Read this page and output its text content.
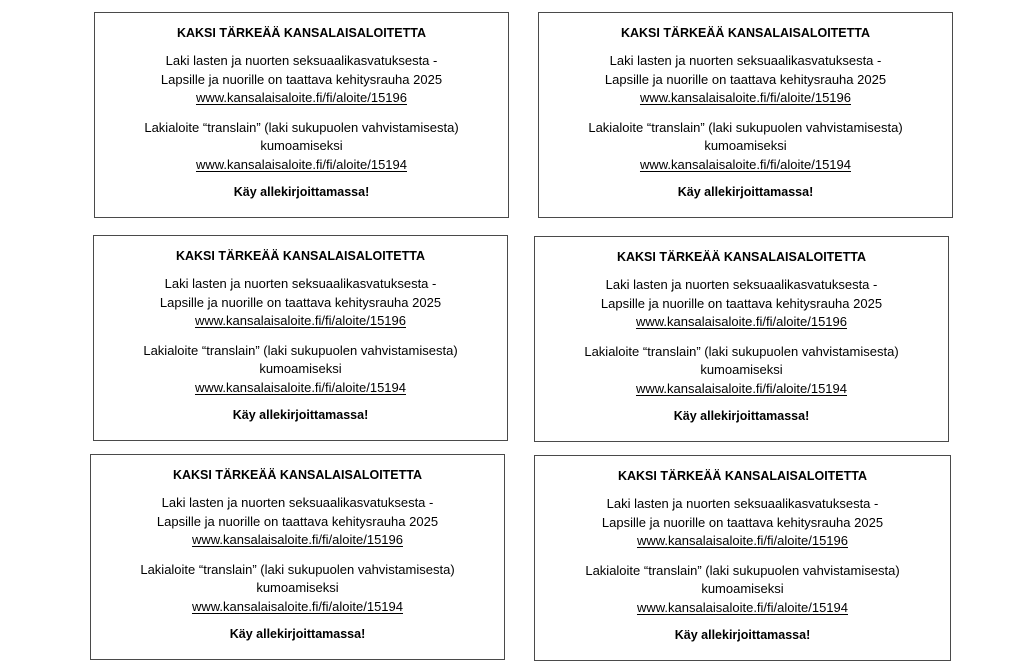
KAKSI TÄRKEÄÄ KANSALAISALOITETTA
Laki lasten ja nuorten seksuaalikasvatuksesta -
Lapsille ja nuorille on taattava kehitysrauha 2025
www.kansalaisaloite.fi/fi/aloite/15196
Lakialoite “translain” (laki sukupuolen vahvistamisesta)
kumoamiseksi
www.kansalaisaloite.fi/fi/aloite/15194
Käy allekirjoittamassa!
KAKSI TÄRKEÄÄ KANSALAISALOITETTA
Laki lasten ja nuorten seksuaalikasvatuksesta -
Lapsille ja nuorille on taattava kehitysrauha 2025
www.kansalaisaloite.fi/fi/aloite/15196
Lakialoite “translain” (laki sukupuolen vahvistamisesta)
kumoamiseksi
www.kansalaisaloite.fi/fi/aloite/15194
Käy allekirjoittamassa!
KAKSI TÄRKEÄÄ KANSALAISALOITETTA
Laki lasten ja nuorten seksuaalikasvatuksesta -
Lapsille ja nuorille on taattava kehitysrauha 2025
www.kansalaisaloite.fi/fi/aloite/15196
Lakialoite “translain” (laki sukupuolen vahvistamisesta)
kumoamiseksi
www.kansalaisaloite.fi/fi/aloite/15194
Käy allekirjoittamassa!
KAKSI TÄRKEÄÄ KANSALAISALOITETTA
Laki lasten ja nuorten seksuaalikasvatuksesta -
Lapsille ja nuorille on taattava kehitysrauha 2025
www.kansalaisaloite.fi/fi/aloite/15196
Lakialoite “translain” (laki sukupuolen vahvistamisesta)
kumoamiseksi
www.kansalaisaloite.fi/fi/aloite/15194
Käy allekirjoittamassa!
KAKSI TÄRKEÄÄ KANSALAISALOITETTA
Laki lasten ja nuorten seksuaalikasvatuksesta -
Lapsille ja nuorille on taattava kehitysrauha 2025
www.kansalaisaloite.fi/fi/aloite/15196
Lakialoite “translain” (laki sukupuolen vahvistamisesta)
kumoamiseksi
www.kansalaisaloite.fi/fi/aloite/15194
Käy allekirjoittamassa!
KAKSI TÄRKEÄÄ KANSALAISALOITETTA
Laki lasten ja nuorten seksuaalikasvatuksesta -
Lapsille ja nuorille on taattava kehitysrauha 2025
www.kansalaisaloite.fi/fi/aloite/15196
Lakialoite “translain” (laki sukupuolen vahvistamisesta)
kumoamiseksi
www.kansalaisaloite.fi/fi/aloite/15194
Käy allekirjoittamassa!
